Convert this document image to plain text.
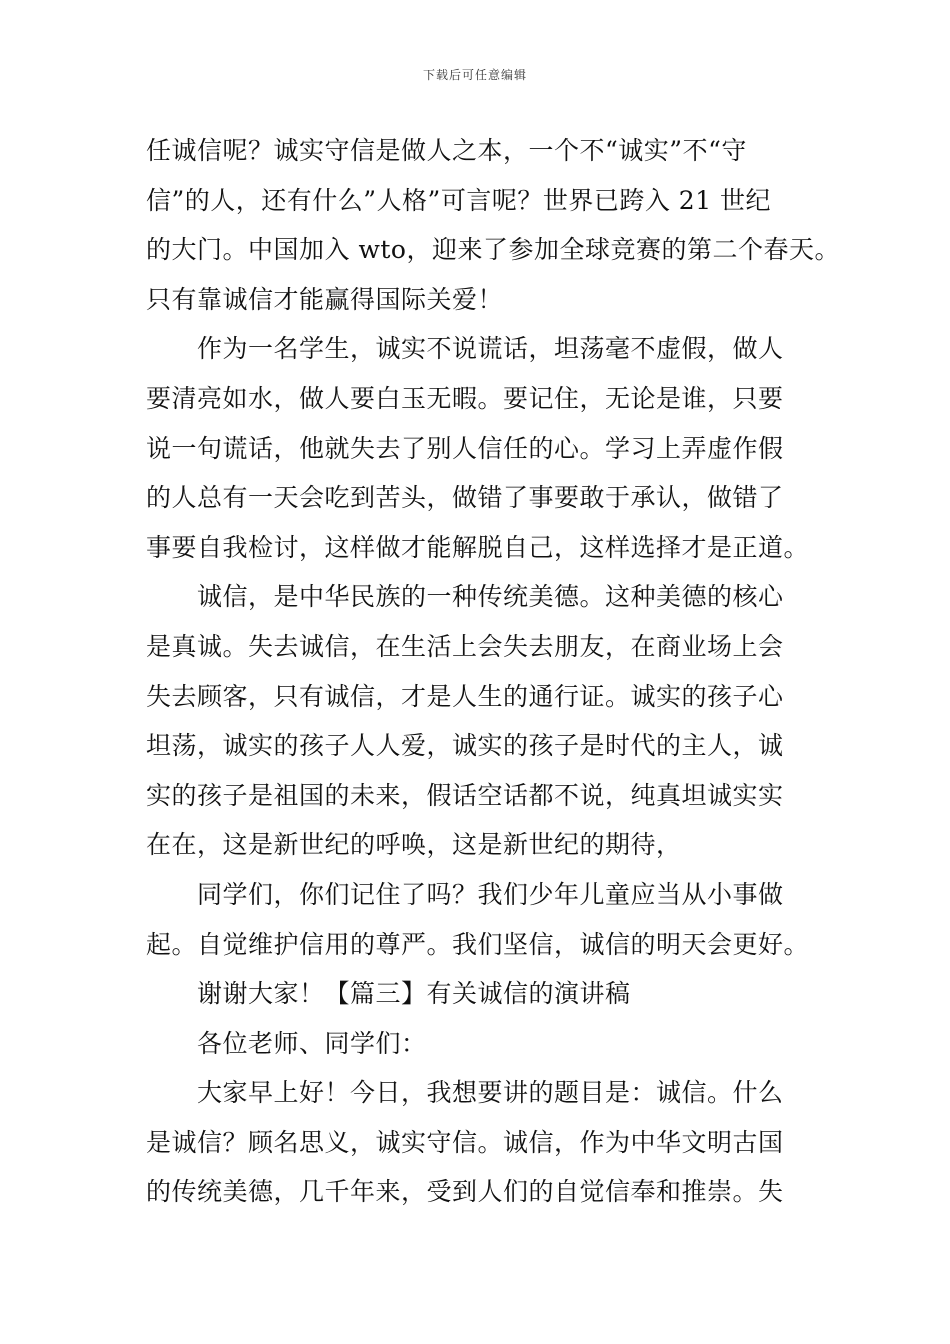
下载后可任意编辑
任诚信呢？诚实守信是做人之本，一个不“诚实”不“守
信”的人，还有什么”人格”可言呢？世界已跨入 21 世纪
的大门。中国加入 wto，迎来了参加全球竞赛的第二个春天。
只有靠诚信才能赢得国际关爱！
作为一名学生，诚实不说谎话，坦荡毫不虚假，做人
要清亮如水，做人要白玉无暇。要记住，无论是谁，只要
说一句谎话，他就失去了别人信任的心。学习上弄虚作假
的人总有一天会吃到苦头，做错了事要敢于承认，做错了
事要自我检讨，这样做才能解脱自己，这样选择才是正道。
诚信，是中华民族的一种传统美德。这种美德的核心
是真诚。失去诚信，在生活上会失去朋友，在商业场上会
失去顾客，只有诚信，才是人生的通行证。诚实的孩子心
坦荡，诚实的孩子人人爱，诚实的孩子是时代的主人，诚
实的孩子是祖国的未来，假话空话都不说，纯真坦诚实实
在在，这是新世纪的呼唤，这是新世纪的期待，
同学们，你们记住了吗？我们少年儿童应当从小事做
起。自觉维护信用的尊严。我们坚信，诚信的明天会更好。
谢谢大家！【篇三】有关诚信的演讲稿
各位老师、同学们：
大家早上好！今日，我想要讲的题目是：诚信。什么
是诚信？顾名思义，诚实守信。诚信，作为中华文明古国
的传统美德，几千年来，受到人们的自觉信奉和推崇。失
